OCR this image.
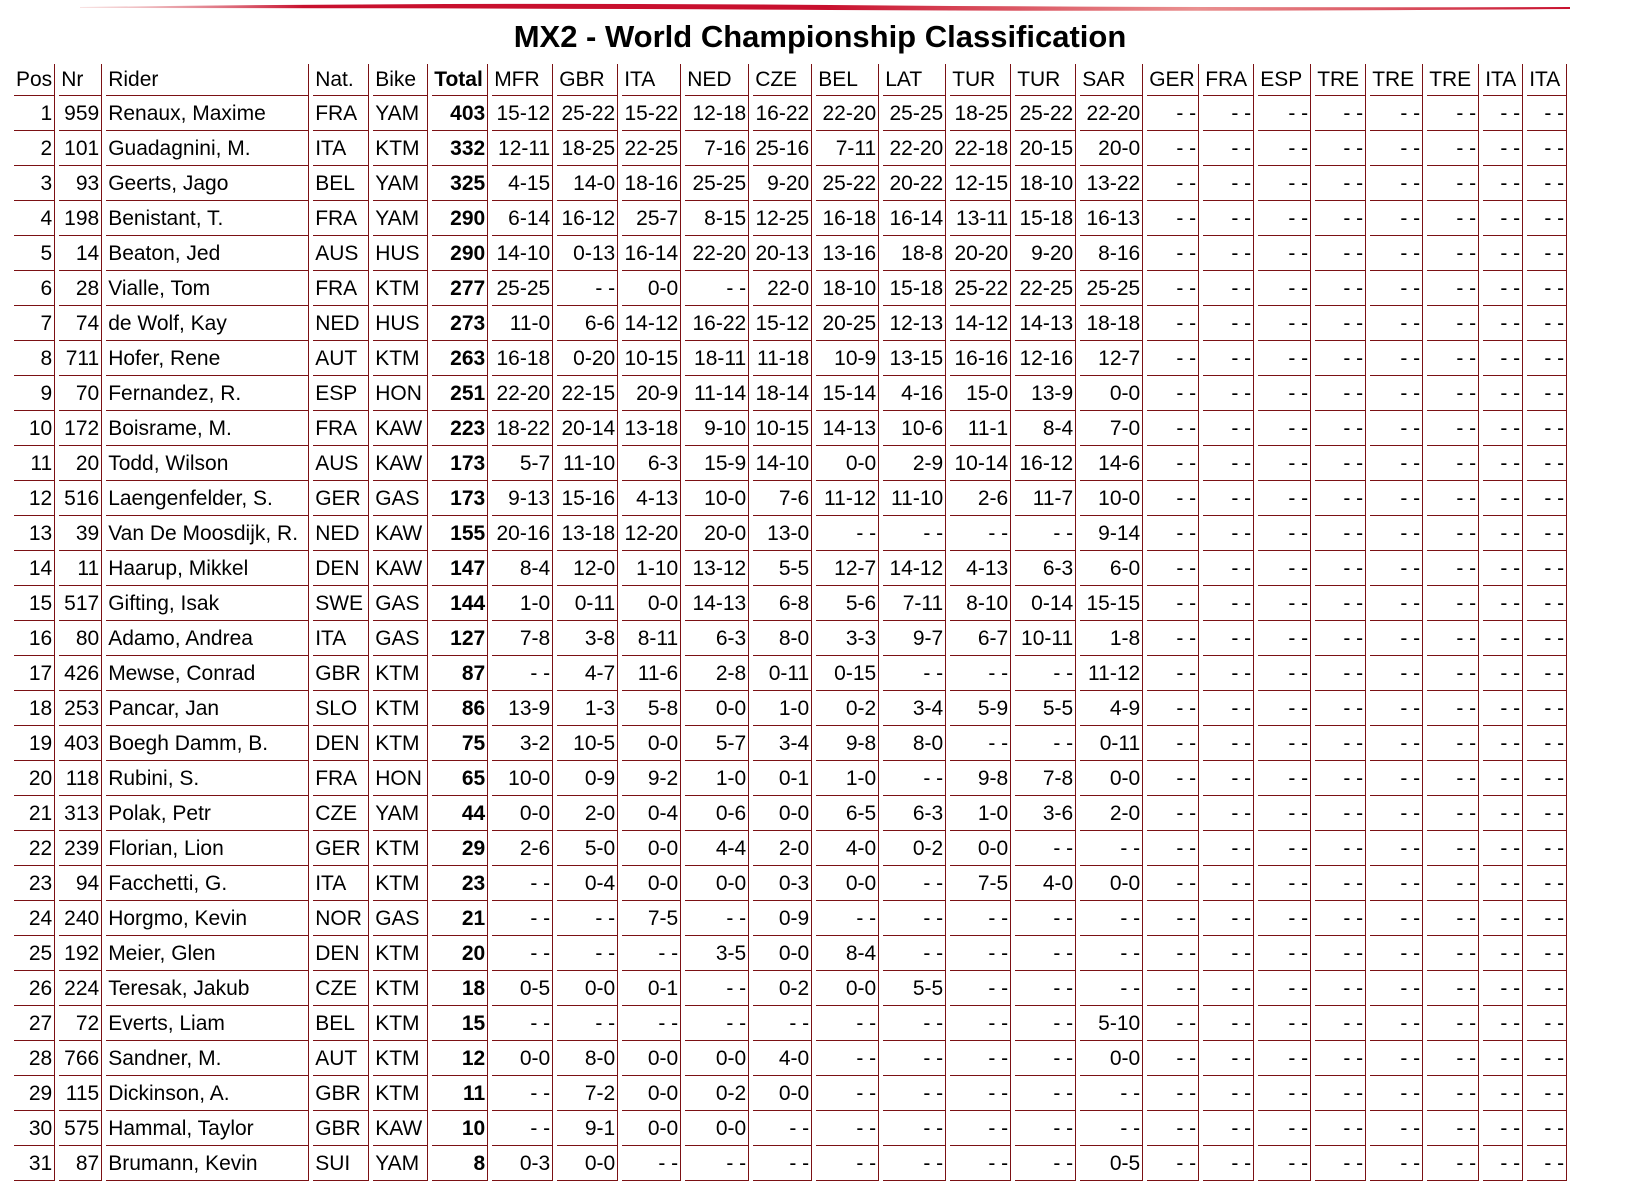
MX2 - World Championship Classification
Pos	Nr	Rider	Nat.	Bike	Total	MFR	GBR	ITA	NED	CZE	BEL	LAT	TUR	TUR	SAR	GER	FRA	ESP	TRE	TRE	TRE	ITA	ITA
1	959	Renaux, Maxime	FRA	YAM	403	15-12	25-22	15-22	12-18	16-22	22-20	25-25	18-25	25-22	22-20	- -	- -	- -	- -	- -	- -	- -	- -
2	101	Guadagnini, M.	ITA	KTM	332	12-11	18-25	22-25	7-16	25-16	7-11	22-20	22-18	20-15	20-0	- -	- -	- -	- -	- -	- -	- -	- -
3	93	Geerts, Jago	BEL	YAM	325	4-15	14-0	18-16	25-25	9-20	25-22	20-22	12-15	18-10	13-22	- -	- -	- -	- -	- -	- -	- -	- -
4	198	Benistant, T.	FRA	YAM	290	6-14	16-12	25-7	8-15	12-25	16-18	16-14	13-11	15-18	16-13	- -	- -	- -	- -	- -	- -	- -	- -
5	14	Beaton, Jed	AUS	HUS	290	14-10	0-13	16-14	22-20	20-13	13-16	18-8	20-20	9-20	8-16	- -	- -	- -	- -	- -	- -	- -	- -
6	28	Vialle, Tom	FRA	KTM	277	25-25	- -	0-0	- -	22-0	18-10	15-18	25-22	22-25	25-25	- -	- -	- -	- -	- -	- -	- -	- -
7	74	de Wolf, Kay	NED	HUS	273	11-0	6-6	14-12	16-22	15-12	20-25	12-13	14-12	14-13	18-18	- -	- -	- -	- -	- -	- -	- -	- -
8	711	Hofer, Rene	AUT	KTM	263	16-18	0-20	10-15	18-11	11-18	10-9	13-15	16-16	12-16	12-7	- -	- -	- -	- -	- -	- -	- -	- -
9	70	Fernandez, R.	ESP	HON	251	22-20	22-15	20-9	11-14	18-14	15-14	4-16	15-0	13-9	0-0	- -	- -	- -	- -	- -	- -	- -	- -
10	172	Boisrame, M.	FRA	KAW	223	18-22	20-14	13-18	9-10	10-15	14-13	10-6	11-1	8-4	7-0	- -	- -	- -	- -	- -	- -	- -	- -
11	20	Todd, Wilson	AUS	KAW	173	5-7	11-10	6-3	15-9	14-10	0-0	2-9	10-14	16-12	14-6	- -	- -	- -	- -	- -	- -	- -	- -
12	516	Laengenfelder, S.	GER	GAS	173	9-13	15-16	4-13	10-0	7-6	11-12	11-10	2-6	11-7	10-0	- -	- -	- -	- -	- -	- -	- -	- -
13	39	Van De Moosdijk, R.	NED	KAW	155	20-16	13-18	12-20	20-0	13-0	- -	- -	- -	- -	9-14	- -	- -	- -	- -	- -	- -	- -	- -
14	11	Haarup, Mikkel	DEN	KAW	147	8-4	12-0	1-10	13-12	5-5	12-7	14-12	4-13	6-3	6-0	- -	- -	- -	- -	- -	- -	- -	- -
15	517	Gifting, Isak	SWE	GAS	144	1-0	0-11	0-0	14-13	6-8	5-6	7-11	8-10	0-14	15-15	- -	- -	- -	- -	- -	- -	- -	- -
16	80	Adamo, Andrea	ITA	GAS	127	7-8	3-8	8-11	6-3	8-0	3-3	9-7	6-7	10-11	1-8	- -	- -	- -	- -	- -	- -	- -	- -
17	426	Mewse, Conrad	GBR	KTM	87	- -	4-7	11-6	2-8	0-11	0-15	- -	- -	- -	11-12	- -	- -	- -	- -	- -	- -	- -	- -
18	253	Pancar, Jan	SLO	KTM	86	13-9	1-3	5-8	0-0	1-0	0-2	3-4	5-9	5-5	4-9	- -	- -	- -	- -	- -	- -	- -	- -
19	403	Boegh Damm, B.	DEN	KTM	75	3-2	10-5	0-0	5-7	3-4	9-8	8-0	- -	- -	0-11	- -	- -	- -	- -	- -	- -	- -	- -
20	118	Rubini, S.	FRA	HON	65	10-0	0-9	9-2	1-0	0-1	1-0	- -	9-8	7-8	0-0	- -	- -	- -	- -	- -	- -	- -	- -
21	313	Polak, Petr	CZE	YAM	44	0-0	2-0	0-4	0-6	0-0	6-5	6-3	1-0	3-6	2-0	- -	- -	- -	- -	- -	- -	- -	- -
22	239	Florian, Lion	GER	KTM	29	2-6	5-0	0-0	4-4	2-0	4-0	0-2	0-0	- -	- -	- -	- -	- -	- -	- -	- -	- -	- -
23	94	Facchetti, G.	ITA	KTM	23	- -	0-4	0-0	0-0	0-3	0-0	- -	7-5	4-0	0-0	- -	- -	- -	- -	- -	- -	- -	- -
24	240	Horgmo, Kevin	NOR	GAS	21	- -	- -	7-5	- -	0-9	- -	- -	- -	- -	- -	- -	- -	- -	- -	- -	- -	- -	- -
25	192	Meier, Glen	DEN	KTM	20	- -	- -	- -	3-5	0-0	8-4	- -	- -	- -	- -	- -	- -	- -	- -	- -	- -	- -	- -
26	224	Teresak, Jakub	CZE	KTM	18	0-5	0-0	0-1	- -	0-2	0-0	5-5	- -	- -	- -	- -	- -	- -	- -	- -	- -	- -	- -
27	72	Everts, Liam	BEL	KTM	15	- -	- -	- -	- -	- -	- -	- -	- -	- -	5-10	- -	- -	- -	- -	- -	- -	- -	- -
28	766	Sandner, M.	AUT	KTM	12	0-0	8-0	0-0	0-0	4-0	- -	- -	- -	- -	0-0	- -	- -	- -	- -	- -	- -	- -	- -
29	115	Dickinson, A.	GBR	KTM	11	- -	7-2	0-0	0-2	0-0	- -	- -	- -	- -	- -	- -	- -	- -	- -	- -	- -	- -	- -
30	575	Hammal, Taylor	GBR	KAW	10	- -	9-1	0-0	0-0	- -	- -	- -	- -	- -	- -	- -	- -	- -	- -	- -	- -	- -	- -
31	87	Brumann, Kevin	SUI	YAM	8	0-3	0-0	- -	- -	- -	- -	- -	- -	- -	0-5	- -	- -	- -	- -	- -	- -	- -	- -
